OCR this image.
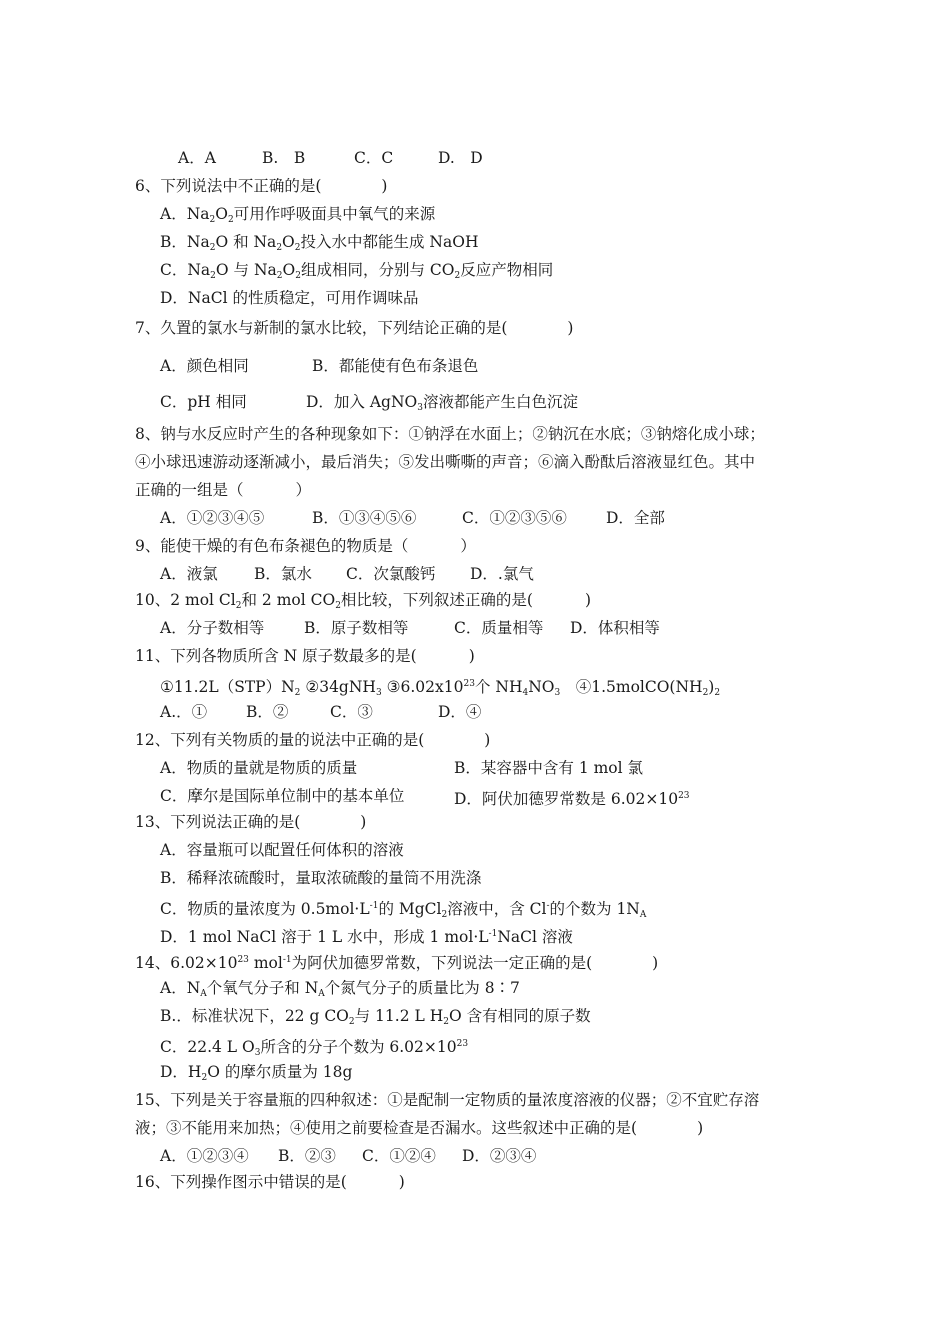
A．A	B.　B	C．C	D.　D
6、下列说法中不正确的是(	)
A．$Na_2O_2$可用作呼吸面具中氧气的来源
B．$Na_2O$ 和 $Na_2O_2$投入水中都能生成 NaOH
C．$Na_2O$ 与 $Na_2O_2$组成相同，分别与 $CO_2$反应产物相同
D．NaCl 的性质稳定，可用作调味品
7、久置的氯水与新制的氯水比较，下列结论正确的是(	)
A．颜色相同	B．都能使有色布条退色
C．pH 相同	D．加入 AgNO$_3$溶液都能产生白色沉淀
8、钠与水反应时产生的各种现象如下：①钠浮在水面上；②钠沉在水底；③钠熔化成小球；
④小球迅速游动逐渐减小，最后消失；⑤发出嘶嘶的声音；⑥滴入酚酞后溶液显红色。其中
正确的一组是（	）
A．①②③④⑤	B．①③④⑤⑥	C．①②③⑤⑥	D．全部
9、能使干燥的有色布条褪色的物质是（	）
A．液氯 B．氯水 C．次氯酸钙 D．.氯气
10、2 mol $Cl_2$和 2 mol $CO_2$相比较，下列叙述正确的是(	)
A．分子数相等	B．原子数相等	C．质量相等 D．体积相等
11、下列各物质所含 N 原子数最多的是(	)
$①11.2L(STP)N_2$ ②34gNH$_3$ $③6.02x10^{23}$个 $NH_4NO_3$　$④1.5molCO(NH_2)_2$
A.．①	B．②	C．③	D．④
12、下列有关物质的量的说法中正确的是(	)
A．物质的量就是物质的质量	B．某容器中含有 1 mol 氯
C．摩尔是国际单位制中的基本单位	D．阿伏加德罗常数是 $6.02\times 10^{23}$
13、下列说法正确的是(	)
A．容量瓶可以配置任何体积的溶液
B．稀释浓硫酸时，量取浓硫酸的量筒不用洗涤
C．物质的量浓度为 $0.5mol\cdot L^{-1}$的 MgCl$_2$溶液中，含 Cl-的个数为 $1N_A$
D．1 mol NaCl 溶于 1 L 水中，形成 1 $mol\cdot L^{-1}NaCl$ 溶液
14、$6.02\times 10^{23}$ mol$^{-1}$为阿伏加德罗常数，下列说法一定正确的是(	)
A．$N_A$个氧气分子和 $N_A$个氮气分子的质量比为 8∶7
B.．标准状况下，22 g $CO_2$与 11.2 L $H_2O$ 含有相同的原子数
C．22.4 L $O_3$所含的分子个数为 $6.02\times 10^{23}$
D．$H_2O$ 的摩尔质量为 18g
15、下列是关于容量瓶的四种叙述：①是配制一定物质的量浓度溶液的仪器；②不宜贮存溶
液；③不能用来加热；④使用之前要检查是否漏水。这些叙述中正确的是(	)
A．①②③④ B．②③ C．①②④ D．②③④
16、下列操作图示中错误的是(	)
